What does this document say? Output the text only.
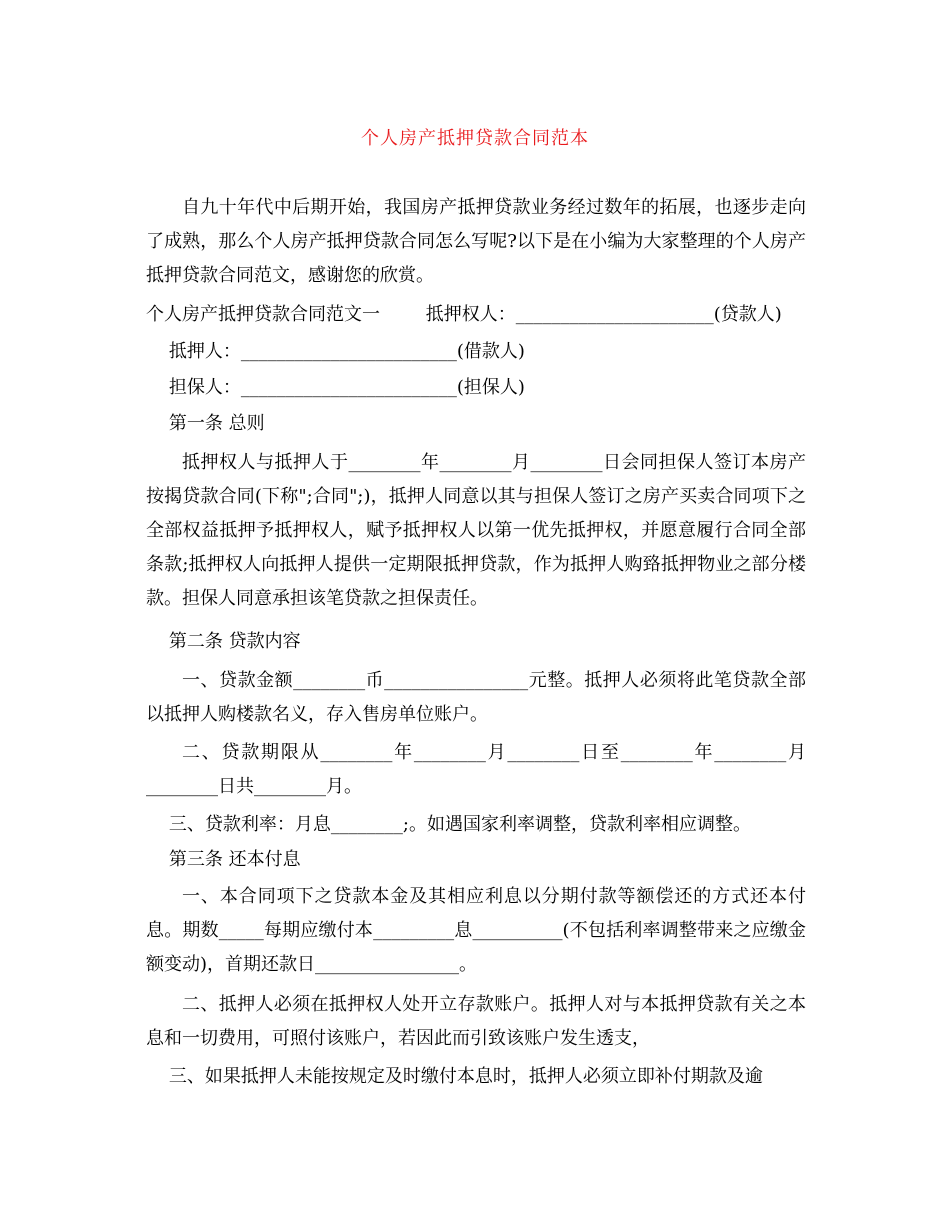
个人房产抵押贷款合同范本
自九十年代中后期开始，我国房产抵押贷款业务经过数年的拓展，也逐步走向了成熟，那么个人房产抵押贷款合同怎么写呢?以下是在小编为大家整理的个人房产抵押贷款合同范文，感谢您的欣赏。
个人房产抵押贷款合同范文一        抵押权人：______________________(贷款人)
抵押人：________________________(借款人)
担保人：________________________(担保人)
第一条 总则
抵押权人与抵押人于________年________月________日会同担保人签订本房产按揭贷款合同(下称";合同";)，抵押人同意以其与担保人签订之房产买卖合同项下之全部权益抵押予抵押权人，赋予抵押权人以第一优先抵押权，并愿意履行合同全部条款;抵押权人向抵押人提供一定期限抵押贷款，作为抵押人购臵抵押物业之部分楼款。担保人同意承担该笔贷款之担保责任。
第二条 贷款内容
一、贷款金额________币________________元整。抵押人必须将此笔贷款全部以抵押人购楼款名义，存入售房单位账户。
二、贷款期限从________年________月________日至________年________月________日共________月。
三、贷款利率：月息________;。如遇国家利率调整，贷款利率相应调整。
第三条 还本付息
一、本合同项下之贷款本金及其相应利息以分期付款等额偿还的方式还本付息。期数_____每期应缴付本_________息__________(不包括利率调整带来之应缴金额变动)，首期还款日________________。
二、抵押人必须在抵押权人处开立存款账户。抵押人对与本抵押贷款有关之本息和一切费用，可照付该账户，若因此而引致该账户发生透支，
三、如果抵押人未能按规定及时缴付本息时，抵押人必须立即补付期款及逾
